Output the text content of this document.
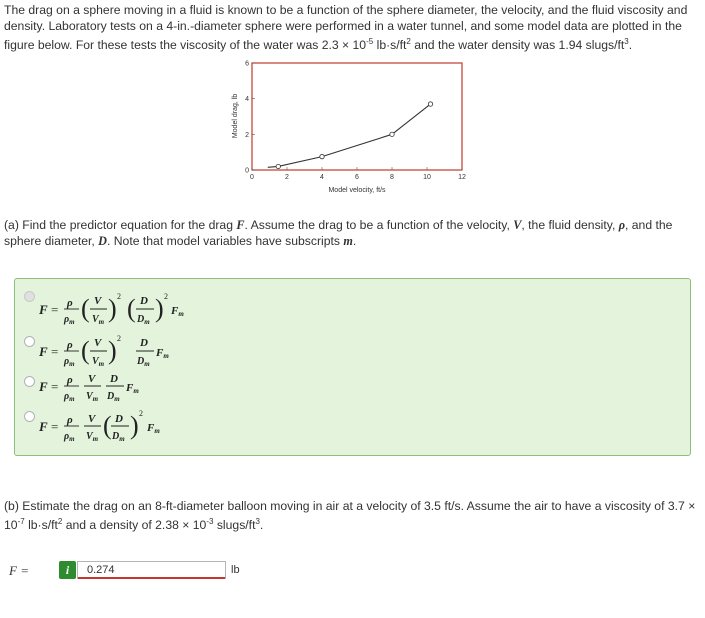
The drag on a sphere moving in a fluid is known to be a function of the sphere diameter, the velocity, and the fluid viscosity and density. Laboratory tests on a 4-in.-diameter sphere were performed in a water tunnel, and some model data are plotted in the figure below. For these tests the viscosity of the water was $2.3 \times 10^{-5}$ $lb\cdot s/ft^2$ and the water density was 1.94 slugs/$ft^3$.
0	2	4	6	8	10	12
0
2
4
6
Model velocity, ft/s
Model drag, lb
(a) Find the predictor equation for the drag F. Assume the drag to be a function of the velocity, V, the fluid density, ρ, and the sphere diameter, D. Note that model variables have subscripts m.
F = ρ
$\rho_m$ ( V
$V_m$ ) 2 ( D
$D_m$ ) 2
Fm
F = ρ
$\rho_m$ ( V
$V_m$ ) 2 D
$D_m$
Fm
F = ρ
$\rho_m$
V
$V_m$
D
$D_m$
Fm
F = ρ
$\rho_m$
V
$V_m$ ( D
$D_m$ ) 2
Fm
(b) Estimate the drag on an 8-ft-diameter balloon moving in air at a velocity of 3.5 ft/s. Assume the air to have a viscosity of $3.7 \times 10^{-7}$ $lb\cdot s/ft^2$ and a density of $2.38 \times 10^{-3}$ slugs/$ft^3$.
F =	i	0.274	lb
